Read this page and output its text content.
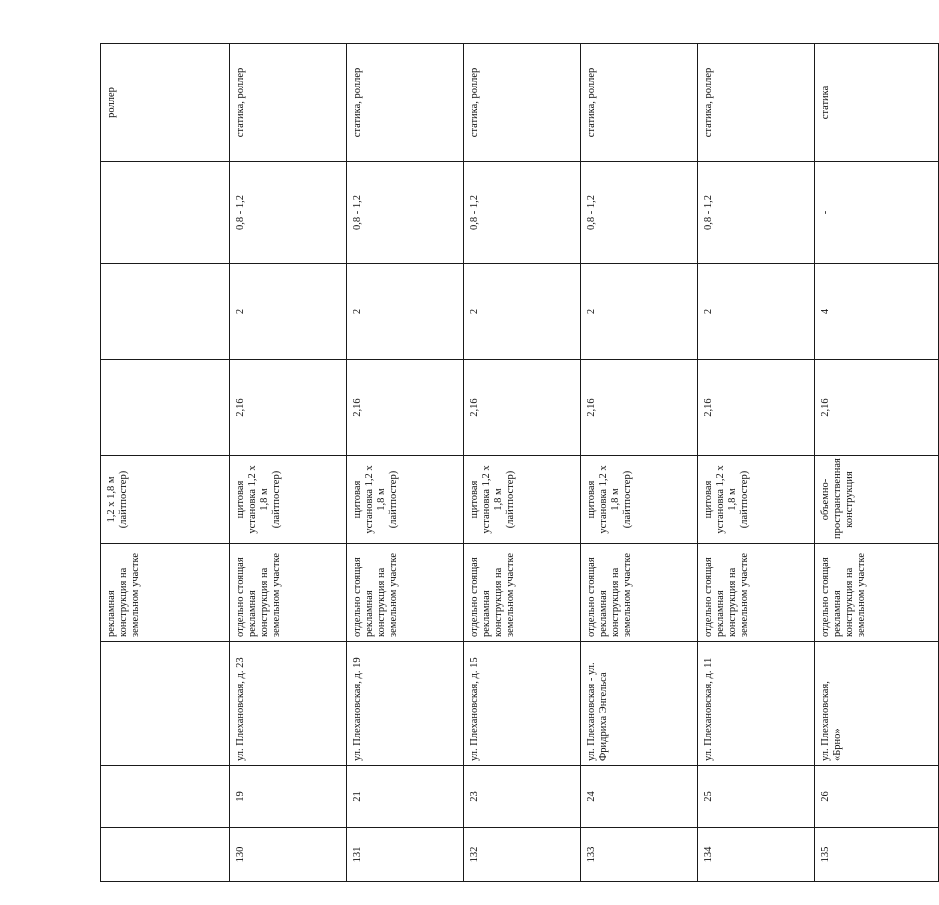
			рекламная конструкция на земельном участке	1,2 х 1,8 м (лайтпостер)				роллер
130	19	ул. Плехановская, д. 23	отдельно стоящая рекламная конструкция на земельном участке	щитовая установка 1,2 х 1,8 м (лайтпостер)	2,16	2	0,8 - 1,2	статика, роллер
131	21	ул. Плехановская, д. 19	отдельно стоящая рекламная конструкция на земельном участке	щитовая установка 1,2 х 1,8 м (лайтпостер)	2,16	2	0,8 - 1,2	статика, роллер
132	23	ул. Плехановская, д. 15	отдельно стоящая рекламная конструкция на земельном участке	щитовая установка 1,2 х 1,8 м (лайтпостер)	2,16	2	0,8 - 1,2	статика, роллер
133	24	ул. Плехановская - ул. Фридриха Энгельса	отдельно стоящая рекламная конструкция на земельном участке	щитовая установка 1,2 х 1,8 м (лайтпостер)	2,16	2	0,8 - 1,2	статика, роллер
134	25	ул. Плехановская, д. 11	отдельно стоящая рекламная конструкция на земельном участке	щитовая установка 1,2 х 1,8 м (лайтпостер)	2,16	2	0,8 - 1,2	статика, роллер
135	26	ул. Плехановская, «Брно»	отдельно стоящая рекламная конструкция на земельном участке	объемно-пространственная конструкция	2,16	4	-	статика
